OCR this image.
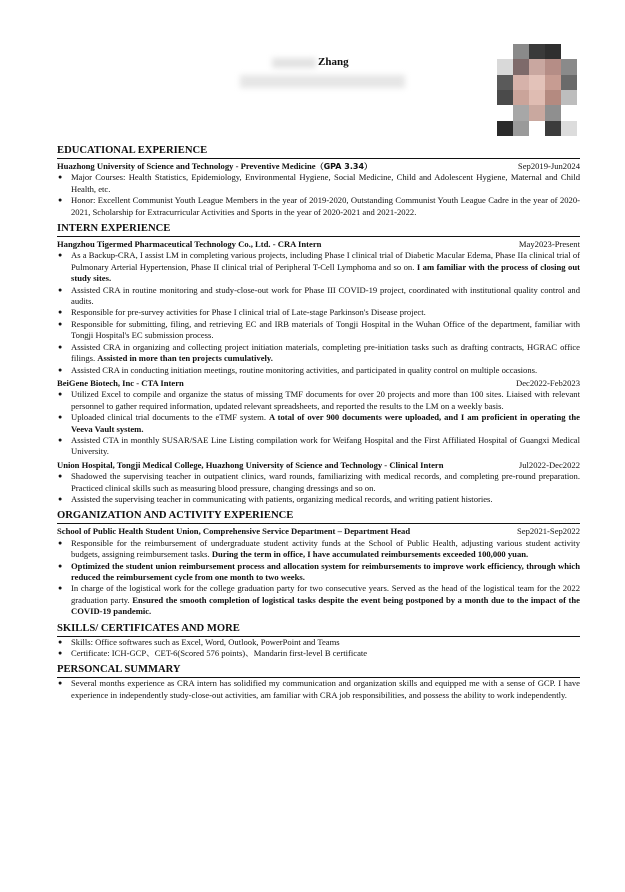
Zhang
EDUCATIONAL EXPERIENCE
Huazhong University of Science and Technology - Preventive Medicine（GPA 3.34）	Sep2019-Jun2024
● Major Courses: Health Statistics, Epidemiology, Environmental Hygiene, Social Medicine, Child and Adolescent Hygiene, Maternal and Child Health, etc.
● Honor: Excellent Communist Youth League Members in the year of 2019-2020, Outstanding Communist Youth League Cadre in the year of 2020-2021, Scholarship for Extracurricular Activities and Sports in the year of 2020-2021 and 2021-2022.
INTERN EXPERIENCE
Hangzhou Tigermed Pharmaceutical Technology Co., Ltd. - CRA Intern	May2023-Present
● As a Backup-CRA, I assist LM in completing various projects, including Phase I clinical trial of Diabetic Macular Edema, Phase IIa clinical trial of Pulmonary Arterial Hypertension, Phase II clinical trial of Peripheral T-Cell Lymphoma and so on. I am familiar with the process of closing out study sites.
● Assisted CRA in routine monitoring and study-close-out work for Phase III COVID-19 project, coordinated with institutional quality control and audits.
● Responsible for pre-survey activities for Phase I clinical trial of Late-stage Parkinson's Disease project.
● Responsible for submitting, filing, and retrieving EC and IRB materials of Tongji Hospital in the Wuhan Office of the department, familiar with Tongji Hospital's EC submission process.
● Assisted CRA in organizing and collecting project initiation materials, completing pre-initiation tasks such as drafting contracts, HGRAC office filings. Assisted in more than ten projects cumulatively.
● Assisted CRA in conducting initiation meetings, routine monitoring activities, and participated in quality control on multiple occasions.
BeiGene Biotech, Inc - CTA Intern	Dec2022-Feb2023
● Utilized Excel to compile and organize the status of missing TMF documents for over 20 projects and more than 100 sites. Liaised with relevant personnel to gather required information, updated relevant spreadsheets, and reported the results to the LM on a weekly basis.
● Uploaded clinical trial documents to the eTMF system. A total of over 900 documents were uploaded, and I am proficient in operating the Veeva Vault system.
● Assisted CTA in monthly SUSAR/SAE Line Listing compilation work for Weifang Hospital and the First Affiliated Hospital of Guangxi Medical University.
Union Hospital, Tongji Medical College, Huazhong University of Science and Technology - Clinical Intern	Jul2022-Dec2022
● Shadowed the supervising teacher in outpatient clinics, ward rounds, familiarizing with medical records, and completing pre-round preparation. Practiced clinical skills such as measuring blood pressure, changing dressings and so on.
● Assisted the supervising teacher in communicating with patients, organizing medical records, and writing patient histories.
ORGANIZATION AND ACTIVITY EXPERIENCE
School of Public Health Student Union, Comprehensive Service Department – Department Head	Sep2021-Sep2022
● Responsible for the reimbursement of undergraduate student activity funds at the School of Public Health, adjusting various student activity budgets, assigning reimbursement tasks. During the term in office, I have accumulated reimbursements exceeded 100,000 yuan.
● Optimized the student union reimbursement process and allocation system for reimbursements to improve work efficiency, through which reduced the reimbursement cycle from one month to two weeks.
● In charge of the logistical work for the college graduation party for two consecutive years. Served as the head of the logistical team for the 2022 graduation party. Ensured the smooth completion of logistical tasks despite the event being postponed by a month due to the impact of the COVID-19 pandemic.
SKILLS/ CERTIFICATES AND MORE
● Skills: Office softwares such as Excel, Word, Outlook, PowerPoint and Teams
● Certificate: ICH-GCP、CET-6(Scored 576 points)、Mandarin first-level B certificate
PERSONCAL SUMMARY
● Several months experience as CRA intern has solidified my communication and organization skills and equipped me with a sense of GCP. I have experience in independently study-close-out activities, am familiar with CRA job responsibilities, and possess the ability to work independently.
